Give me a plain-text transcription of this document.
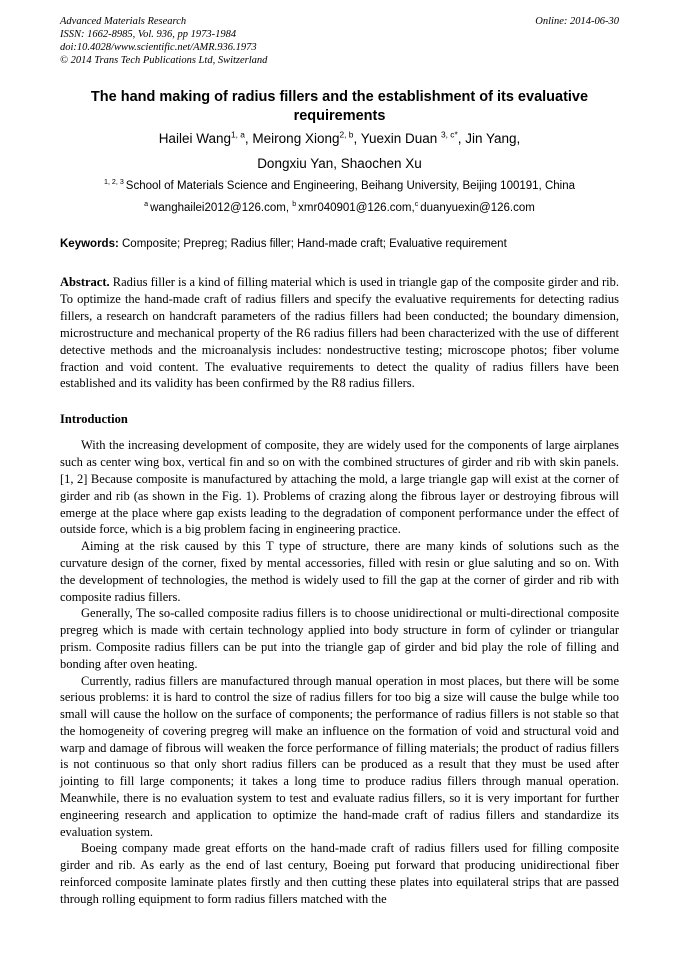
Advanced Materials Research
ISSN: 1662-8985, Vol. 936, pp 1973-1984
doi:10.4028/www.scientific.net/AMR.936.1973
© 2014 Trans Tech Publications Ltd, Switzerland
Online: 2014-06-30
The hand making of radius fillers and the establishment of its evaluative requirements
Hailei Wang$^{1, a}$, Meirong Xiong$^{2, b}$, Yuexin Duan $^{3, c*}$, Jin Yang,
Dongxiu Yan, Shaochen Xu
$^{1, 2, 3}$ School of Materials Science and Engineering, Beihang University, Beijing 100191, China
$^a$ wanghailei2012@126.com, $^b$ xmr040901@126.com,$^c$ duanyuexin@126.com
Keywords: Composite; Prepreg; Radius filler; Hand-made craft; Evaluative requirement
Abstract. Radius filler is a kind of filling material which is used in triangle gap of the composite girder and rib. To optimize the hand-made craft of radius fillers and specify the evaluative requirements for detecting radius fillers, a research on handcraft parameters of the radius fillers had been conducted; the boundary dimension, microstructure and mechanical property of the R6 radius fillers had been characterized with the use of different detective methods and the microanalysis includes: nondestructive testing; microscope photos; fiber volume fraction and void content. The evaluative requirements to detect the quality of radius fillers have been established and its validity has been confirmed by the R8 radius fillers.
Introduction

With the increasing development of composite, they are widely used for the components of large airplanes such as center wing box, vertical fin and so on with the combined structures of girder and rib with skin panels. [1, 2] Because composite is manufactured by attaching the mold, a large triangle gap will exist at the corner of girder and rib (as shown in the Fig. 1). Problems of crazing along the fibrous layer or destroying fibrous will emerge at the place where gap exists leading to the degradation of component performance under the effect of outside force, which is a big problem facing in engineering practice.

Aiming at the risk caused by this T type of structure, there are many kinds of solutions such as the curvature design of the corner, fixed by mental accessories, filled with resin or glue saluting and so on. With the development of technologies, the method is widely used to fill the gap at the corner of girder and rib with composite radius fillers.

Generally, The so-called composite radius fillers is to choose unidirectional or multi-directional composite pregreg which is made with certain technology applied into body structure in form of cylinder or triangular prism. Composite radius fillers can be put into the triangle gap of girder and bid play the role of filling and bonding after oven heating.

Currently, radius fillers are manufactured through manual operation in most places, but there will be some serious problems: it is hard to control the size of radius fillers for too big a size will cause the bulge while too small will cause the hollow on the surface of components; the performance of radius fillers is not stable so that the homogeneity of covering pregreg will make an influence on the formation of void and structural void and warp and damage of fibrous will weaken the force performance of filling materials; the product of radius fillers is not continuous so that only short radius fillers can be produced as a result that they must be used after jointing to fill large components; it takes a long time to produce radius fillers through manual operation. Meanwhile, there is no evaluation system to test and evaluate radius fillers, so it is very important for further engineering research and application to optimize the hand-made craft of radius fillers and standardize its evaluation system.

Boeing company made great efforts on the hand-made craft of radius fillers used for filling composite girder and rib. As early as the end of last century, Boeing put forward that producing unidirectional fiber reinforced composite laminate plates firstly and then cutting these plates into equilateral strips that are passed through rolling equipment to form radius fillers matched with the
